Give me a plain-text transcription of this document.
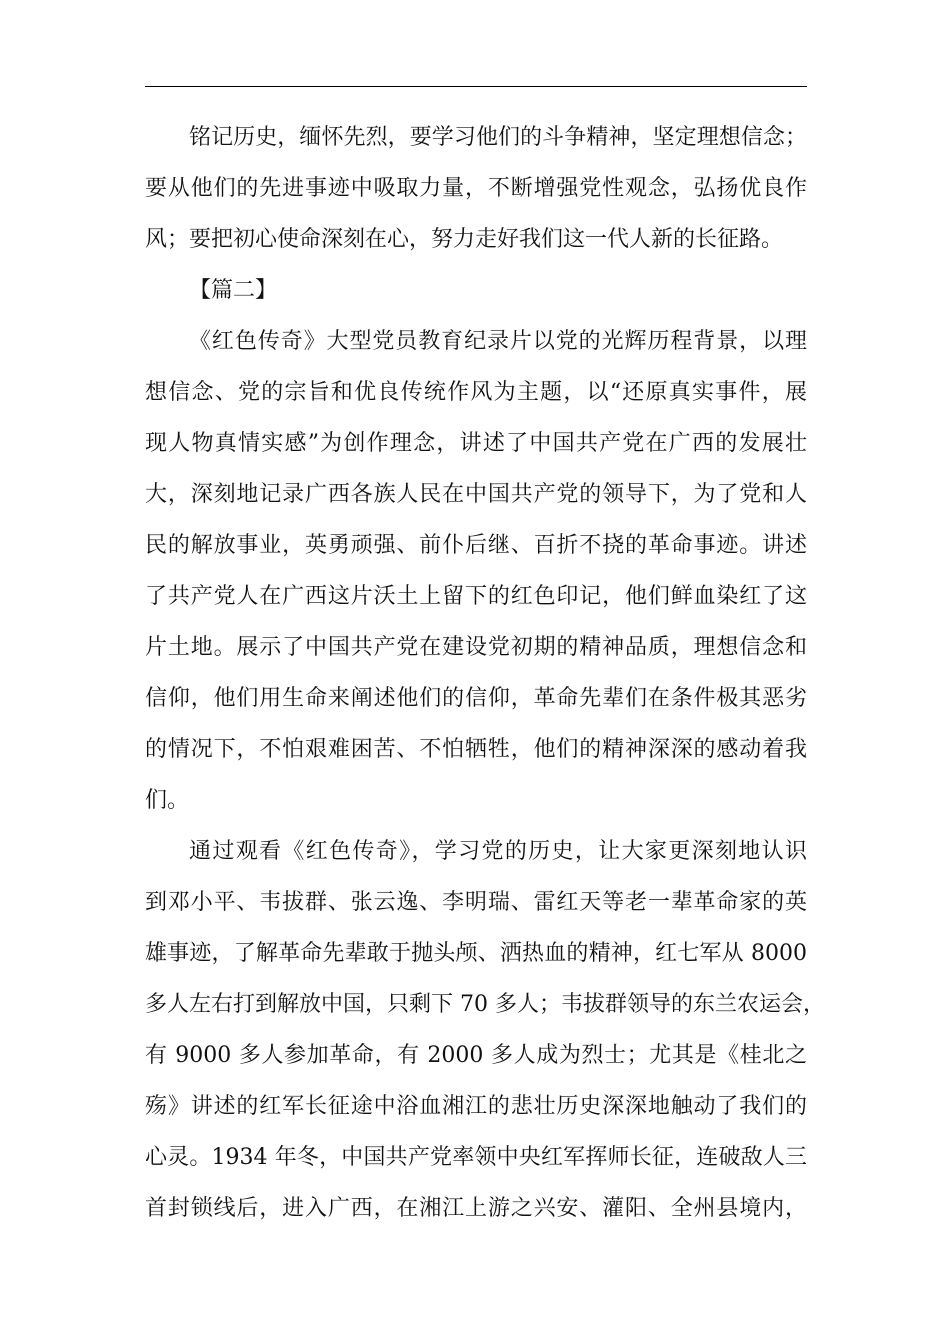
铭记历史，缅怀先烈，要学习他们的斗争精神，坚定理想信念；
要从他们的先进事迹中吸取力量，不断增强党性观念，弘扬优良作
风；要把初心使命深刻在心，努力走好我们这一代人新的长征路。
【篇二】
《红色传奇》大型党员教育纪录片以党的光辉历程背景，以理
想信念、党的宗旨和优良传统作风为主题，以“还原真实事件，展
现人物真情实感”为创作理念，讲述了中国共产党在广西的发展壮
大，深刻地记录广西各族人民在中国共产党的领导下，为了党和人
民的解放事业，英勇顽强、前仆后继、百折不挠的革命事迹。讲述
了共产党人在广西这片沃土上留下的红色印记，他们鲜血染红了这
片土地。展示了中国共产党在建设党初期的精神品质，理想信念和
信仰，他们用生命来阐述他们的信仰，革命先辈们在条件极其恶劣
的情况下，不怕艰难困苦、不怕牺牲，他们的精神深深的感动着我
们。
通过观看《红色传奇》，学习党的历史，让大家更深刻地认识
到邓小平、韦拔群、张云逸、李明瑞、雷红天等老一辈革命家的英
雄事迹，了解革命先辈敢于抛头颅、洒热血的精神，红七军从 8000
多人左右打到解放中国，只剩下 70 多人；韦拔群领导的东兰农运会，
有 9000 多人参加革命，有 2000 多人成为烈士；尤其是《桂北之
殇》讲述的红军长征途中浴血湘江的悲壮历史深深地触动了我们的
心灵。1934 年冬，中国共产党率领中央红军挥师长征，连破敌人三
首封锁线后，进入广西，在湘江上游之兴安、灌阳、全州县境内，
